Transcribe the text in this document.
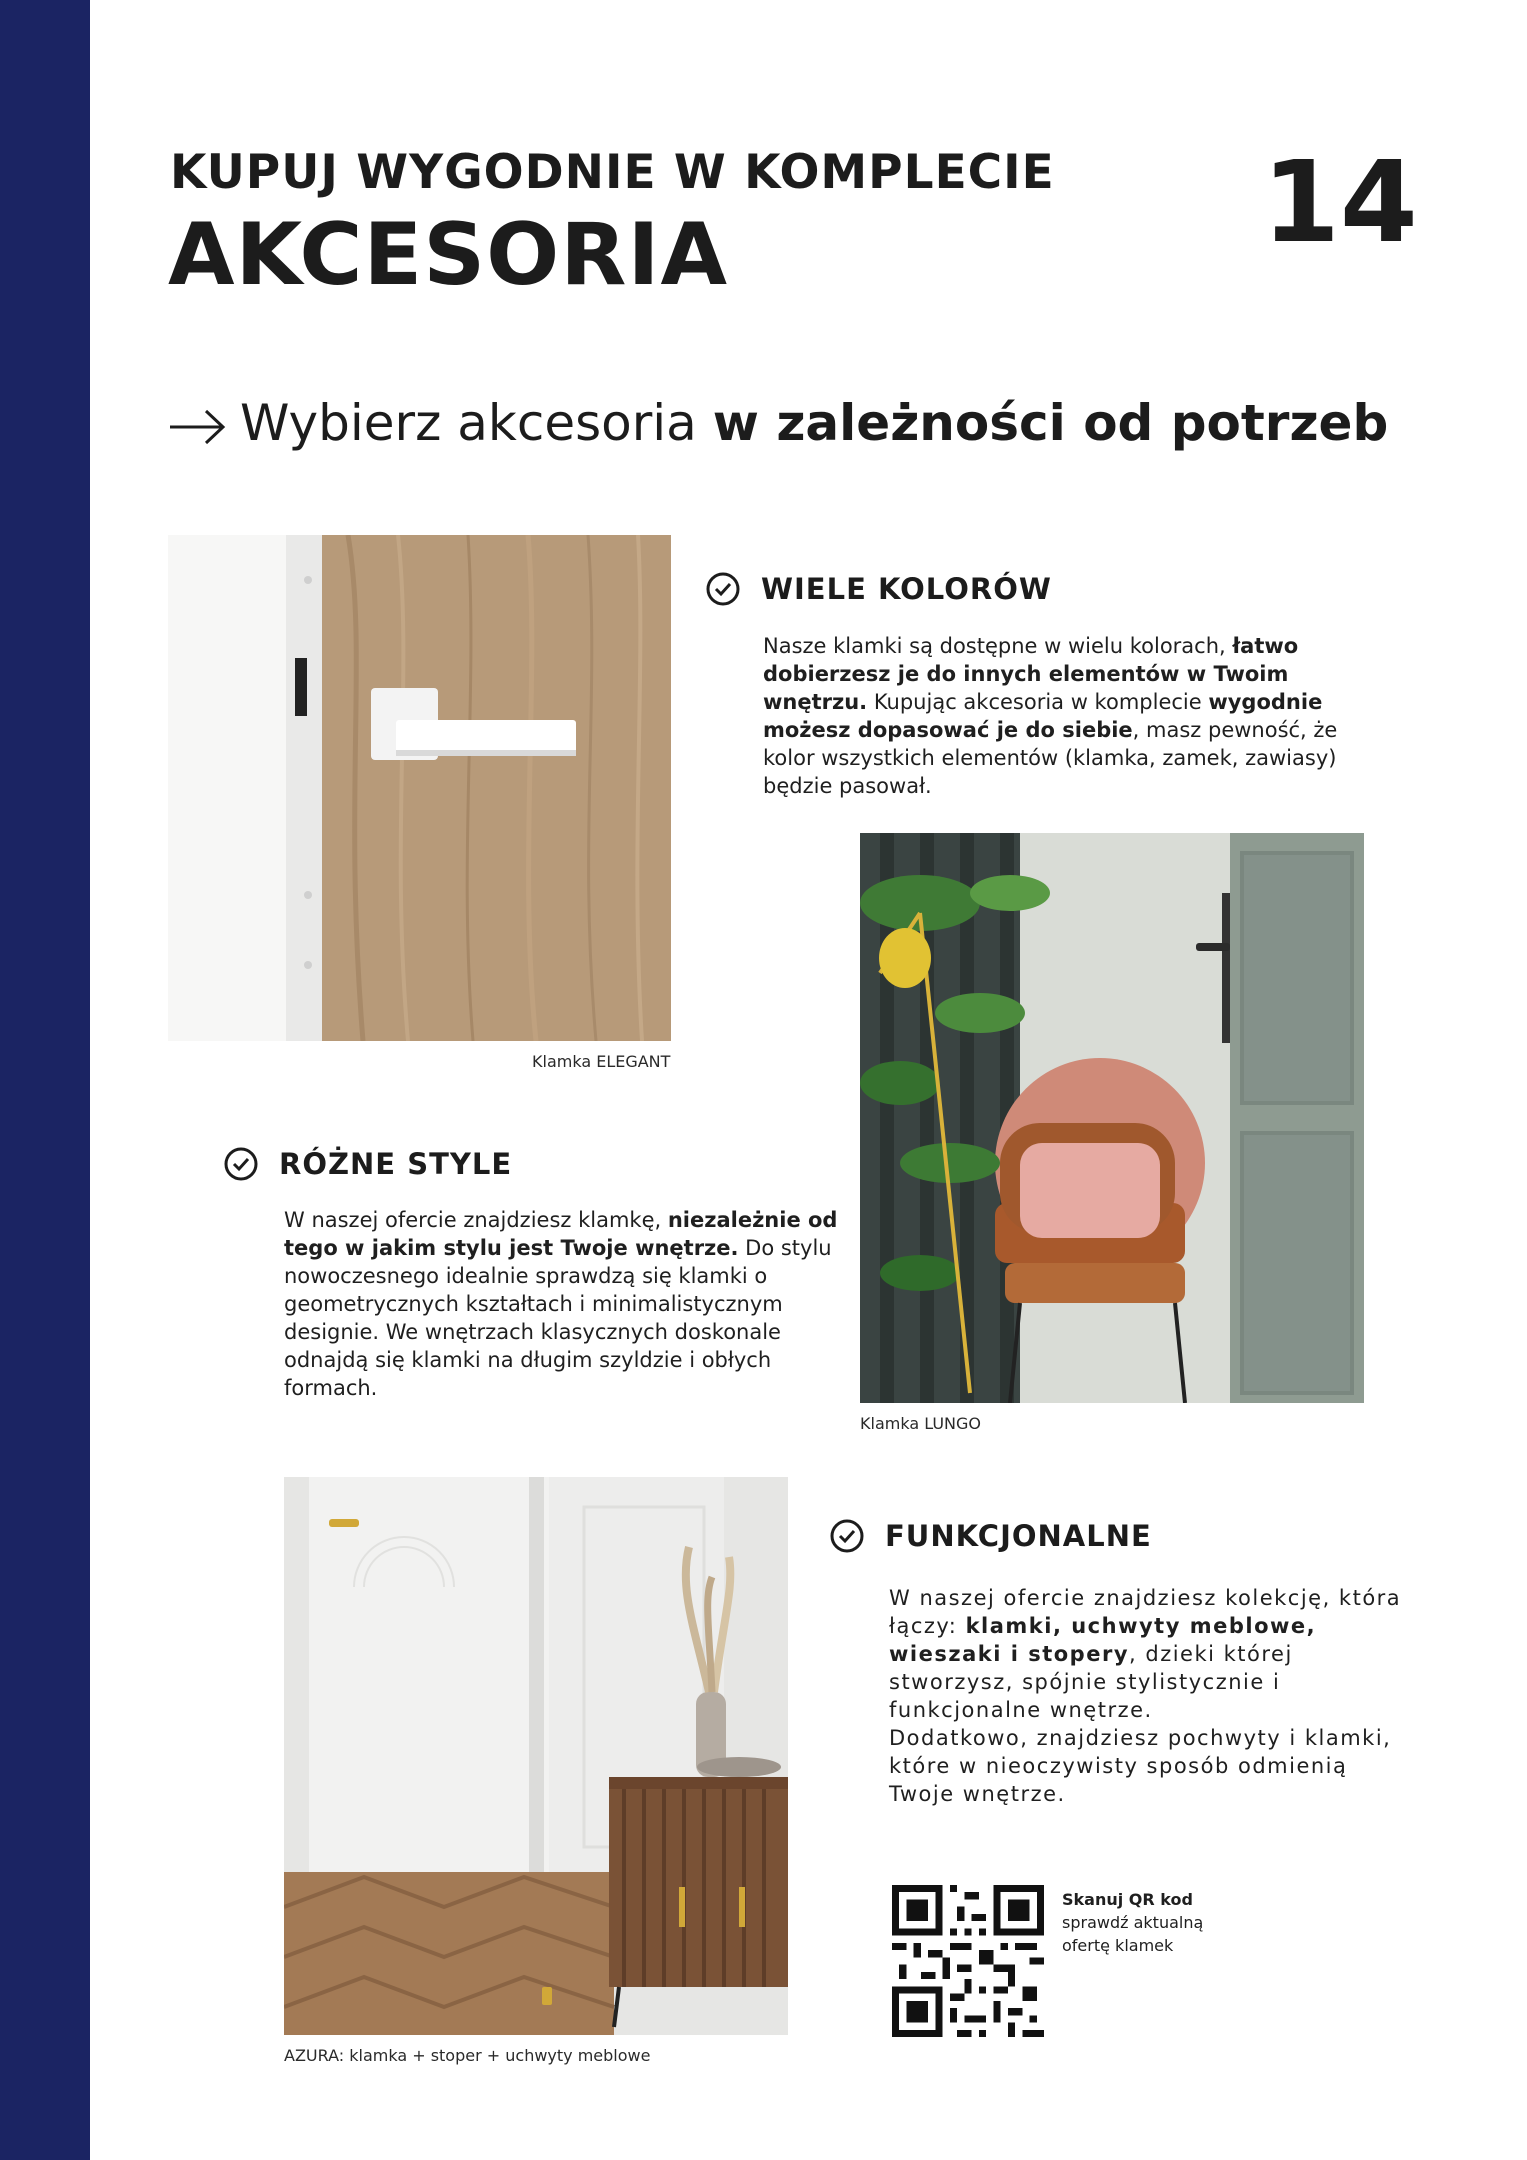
KUPUJ WYGODNIE W KOMPLECIE
AKCESORIA	14
Wybierz akcesoria w zależności od potrzeb
Klamka ELEGANT
WIELE KOLORÓW

Nasze klamki są dostępne w wielu kolorach, łatwo dobierzesz je do innych elementów w Twoim wnętrzu. Kupując akcesoria w komplecie wygodnie możesz dopasować je do siebie, masz pewność, że kolor wszystkich elementów (klamka, zamek, zawiasy) będzie pasował.

Klamka LUNGO
RÓŻNE STYLE

W naszej ofercie znajdziesz klamkę, niezależnie od tego w jakim stylu jest Twoje wnętrze. Do stylu nowoczesnego idealnie sprawdzą się klamki o geometrycznych kształtach i minimalistycznym designie. We wnętrzach klasycznych doskonale odnajdą się klamki na długim szyldzie i obłych formach.

AZURA: klamka + stoper + uchwyty meblowe
FUNKCJONALNE

W naszej ofercie znajdziesz kolekcję, która łączy: klamki, uchwyty meblowe, wieszaki i stopery, dzieki której stworzysz, spójnie stylistycznie i funkcjonalne wnętrze.

Dodatkowo, znajdziesz pochwyty i klamki, które w nieoczywisty sposób odmienią Twoje wnętrze.

Skanuj QR kod
sprawdź aktualną
ofertę klamek
